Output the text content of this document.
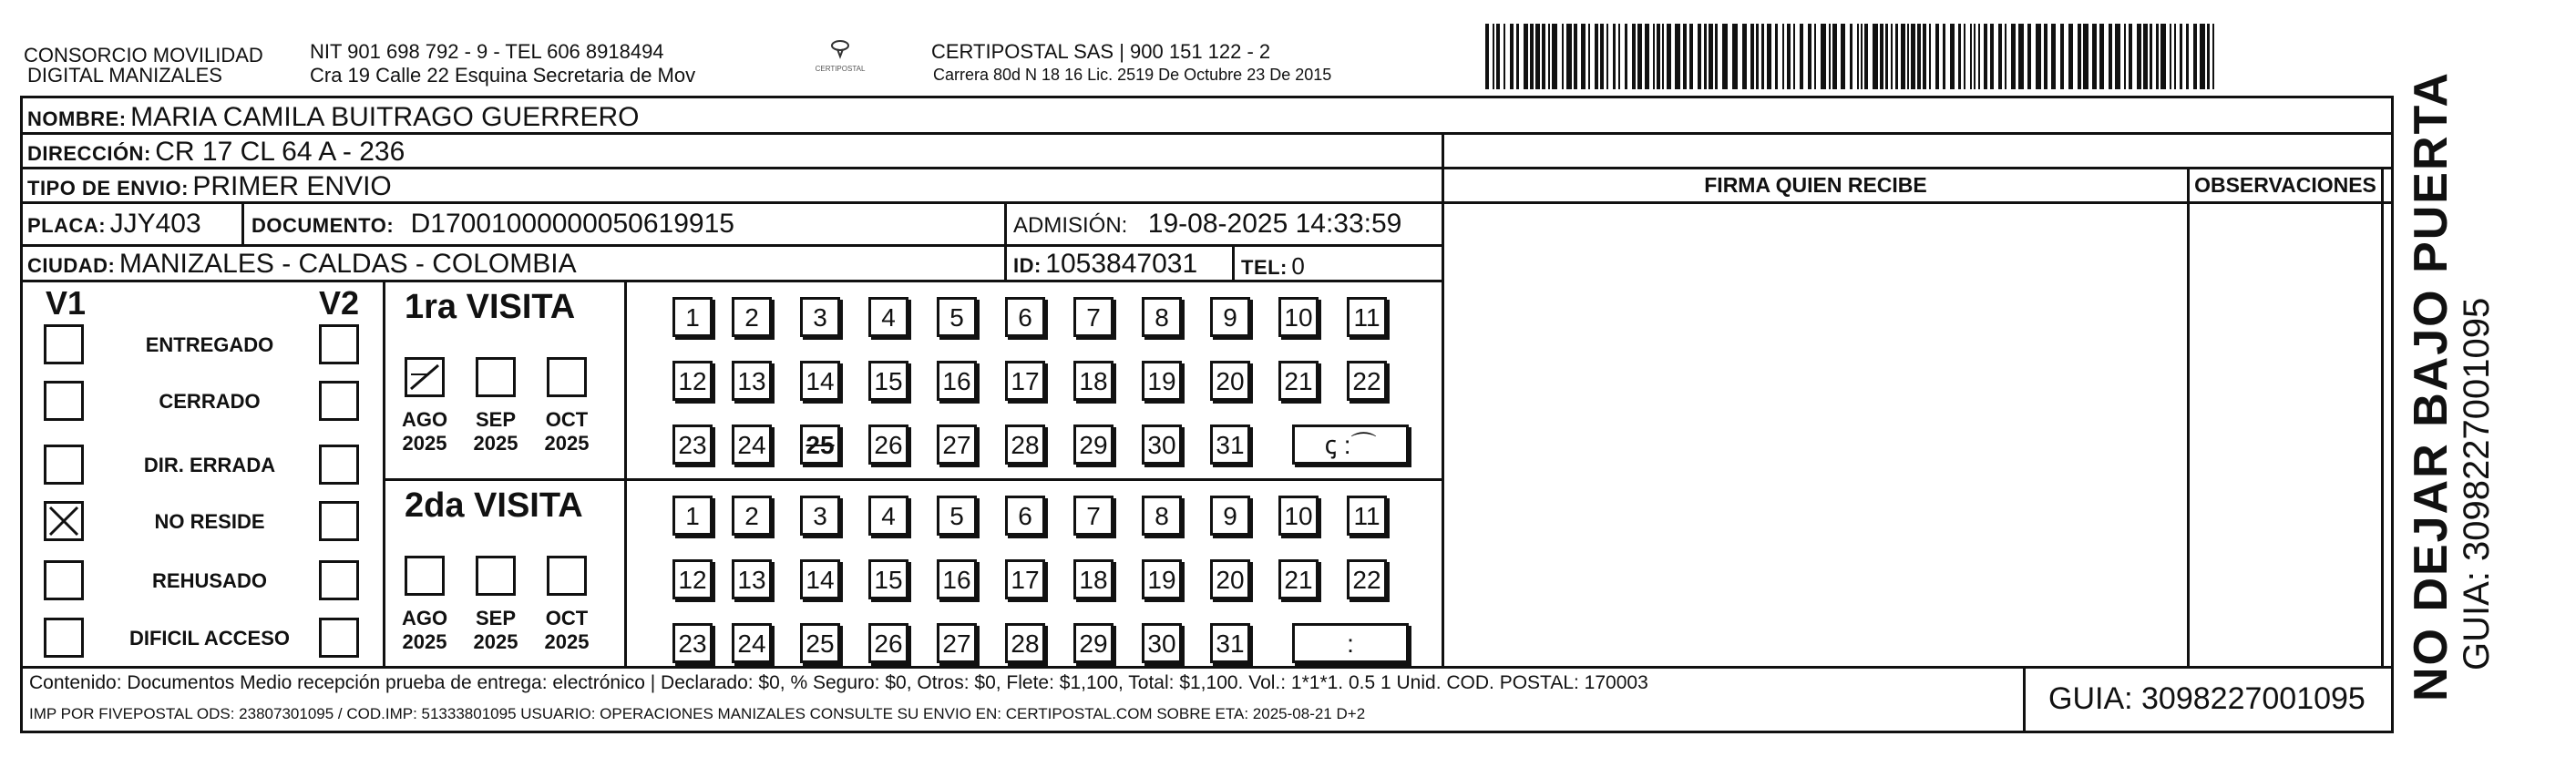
CONSORCIO MOVILIDAD
DIGITAL MANIZALES
NIT 901 698 792 - 9 - TEL 606 8918494
Cra 19 Calle 22 Esquina Secretaria de Mov	CERTIPOSTAL
CERTIPOSTAL SAS | 900 151 122 - 2
Carrera 80d N 18 16 Lic. 2519 De Octubre 23 De 2015
NOMBRE: MARIA CAMILA BUITRAGO GUERRERO
DIRECCIÓN: CR 17 CL 64 A - 236
TIPO DE ENVIO: PRIMER ENVIO
PLACA: JJY403	DOCUMENTO: D17001000000050619915	ADMISIÓN: 19-08-2025 14:33:59
CIUDAD: MANIZALES - CALDAS - COLOMBIA	ID: 1053847031 TEL: 0
FIRMA QUIEN RECIBE	OBSERVACIONES NO DEJAR BAJO PUERTA GUIA: 3098227001095
V1	V2
ENTREGADO
CERRADO
DIR. ERRADA
NO RESIDE
REHUSADO
DIFICIL ACCESO
1ra VISITA
AGO
2025
SEP
2025
OCT
2025
1	2	3	4	5	6	7	8	9	10 11
12 13 14 15 16 17 18 19 20 21 22
23 24 25 26 27 28 29 30 31	ꞔ :⌒
2da VISITA
AGO
2025
SEP
2025
OCT
2025
1	2	3	4	5	6	7	8	9	10 11
12 13 14 15 16 17 18 19 20 21 22
23 24 25 26 27 28 29 30 31	:
Contenido: Documentos Medio recepción prueba de entrega: electrónico | Declarado: $0, % Seguro: $0, Otros: $0, Flete: $1,100, Total: $1,100. Vol.: 1*1*1. 0.5 1 Unid. COD. POSTAL: 170003
IMP POR FIVEPOSTAL ODS: 23807301095 / COD.IMP: 51333801095 USUARIO: OPERACIONES MANIZALES CONSULTE SU ENVIO EN: CERTIPOSTAL.COM SOBRE ETA: 2025-08-21 D+2	GUIA: 3098227001095
